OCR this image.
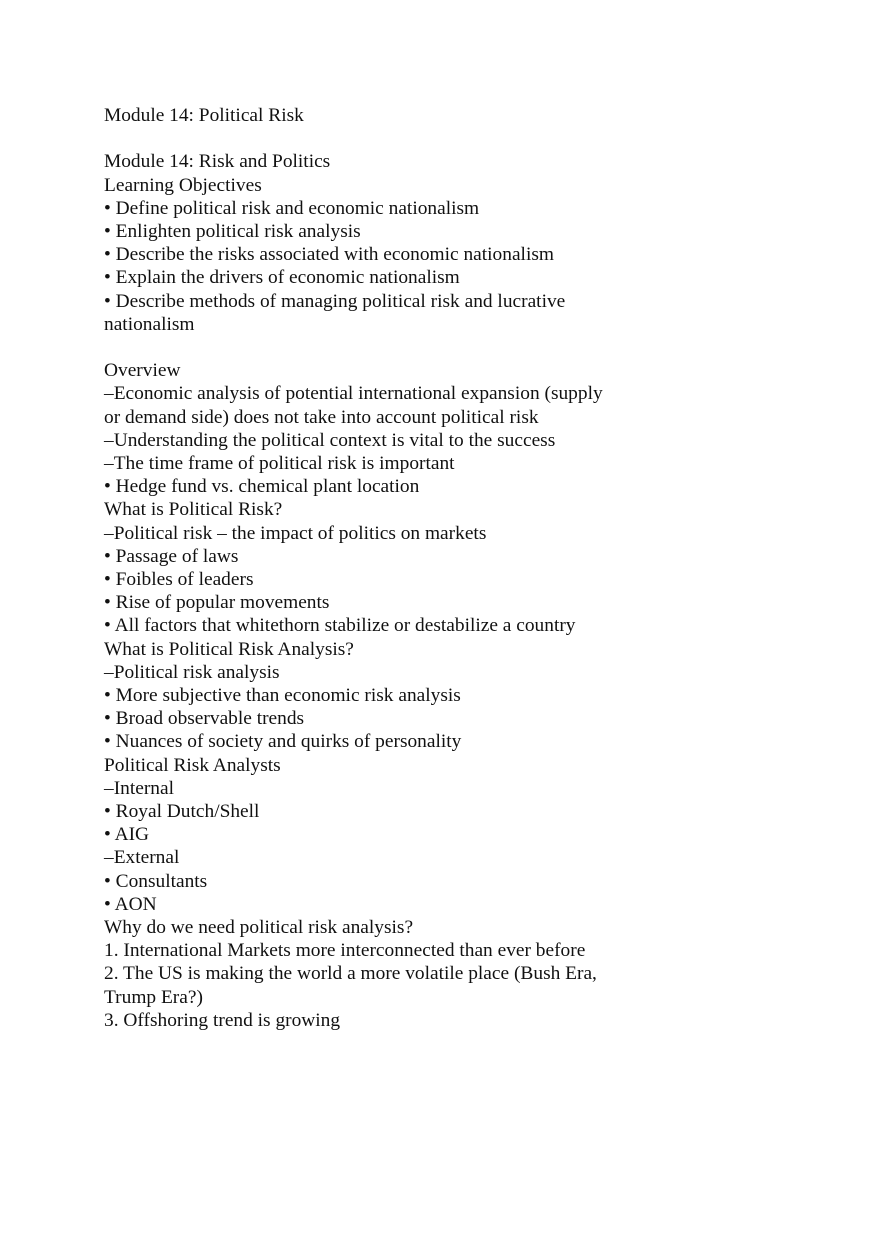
Module 14: Political Risk
Module 14: Risk and Politics
Learning Objectives
• Define political risk and economic nationalism
• Enlighten political risk analysis
• Describe the risks associated with economic nationalism
• Explain the drivers of economic nationalism
• Describe methods of managing political risk and lucrative
nationalism
Overview
–Economic analysis of potential international expansion (supply
or demand side) does not take into account political risk
–Understanding the political context is vital to the success
–The time frame of political risk is important
• Hedge fund vs. chemical plant location
What is Political Risk?
–Political risk – the impact of politics on markets
• Passage of laws
• Foibles of leaders
• Rise of popular movements
• All factors that whitethorn stabilize or destabilize a country
What is Political Risk Analysis?
–Political risk analysis
• More subjective than economic risk analysis
• Broad observable trends
• Nuances of society and quirks of personality
Political Risk Analysts
–Internal
• Royal Dutch/Shell
• AIG
–External
• Consultants
• AON
Why do we need political risk analysis?
1. International Markets more interconnected than ever before
2. The US is making the world a more volatile place (Bush Era,
Trump Era?)
3. Offshoring trend is growing
